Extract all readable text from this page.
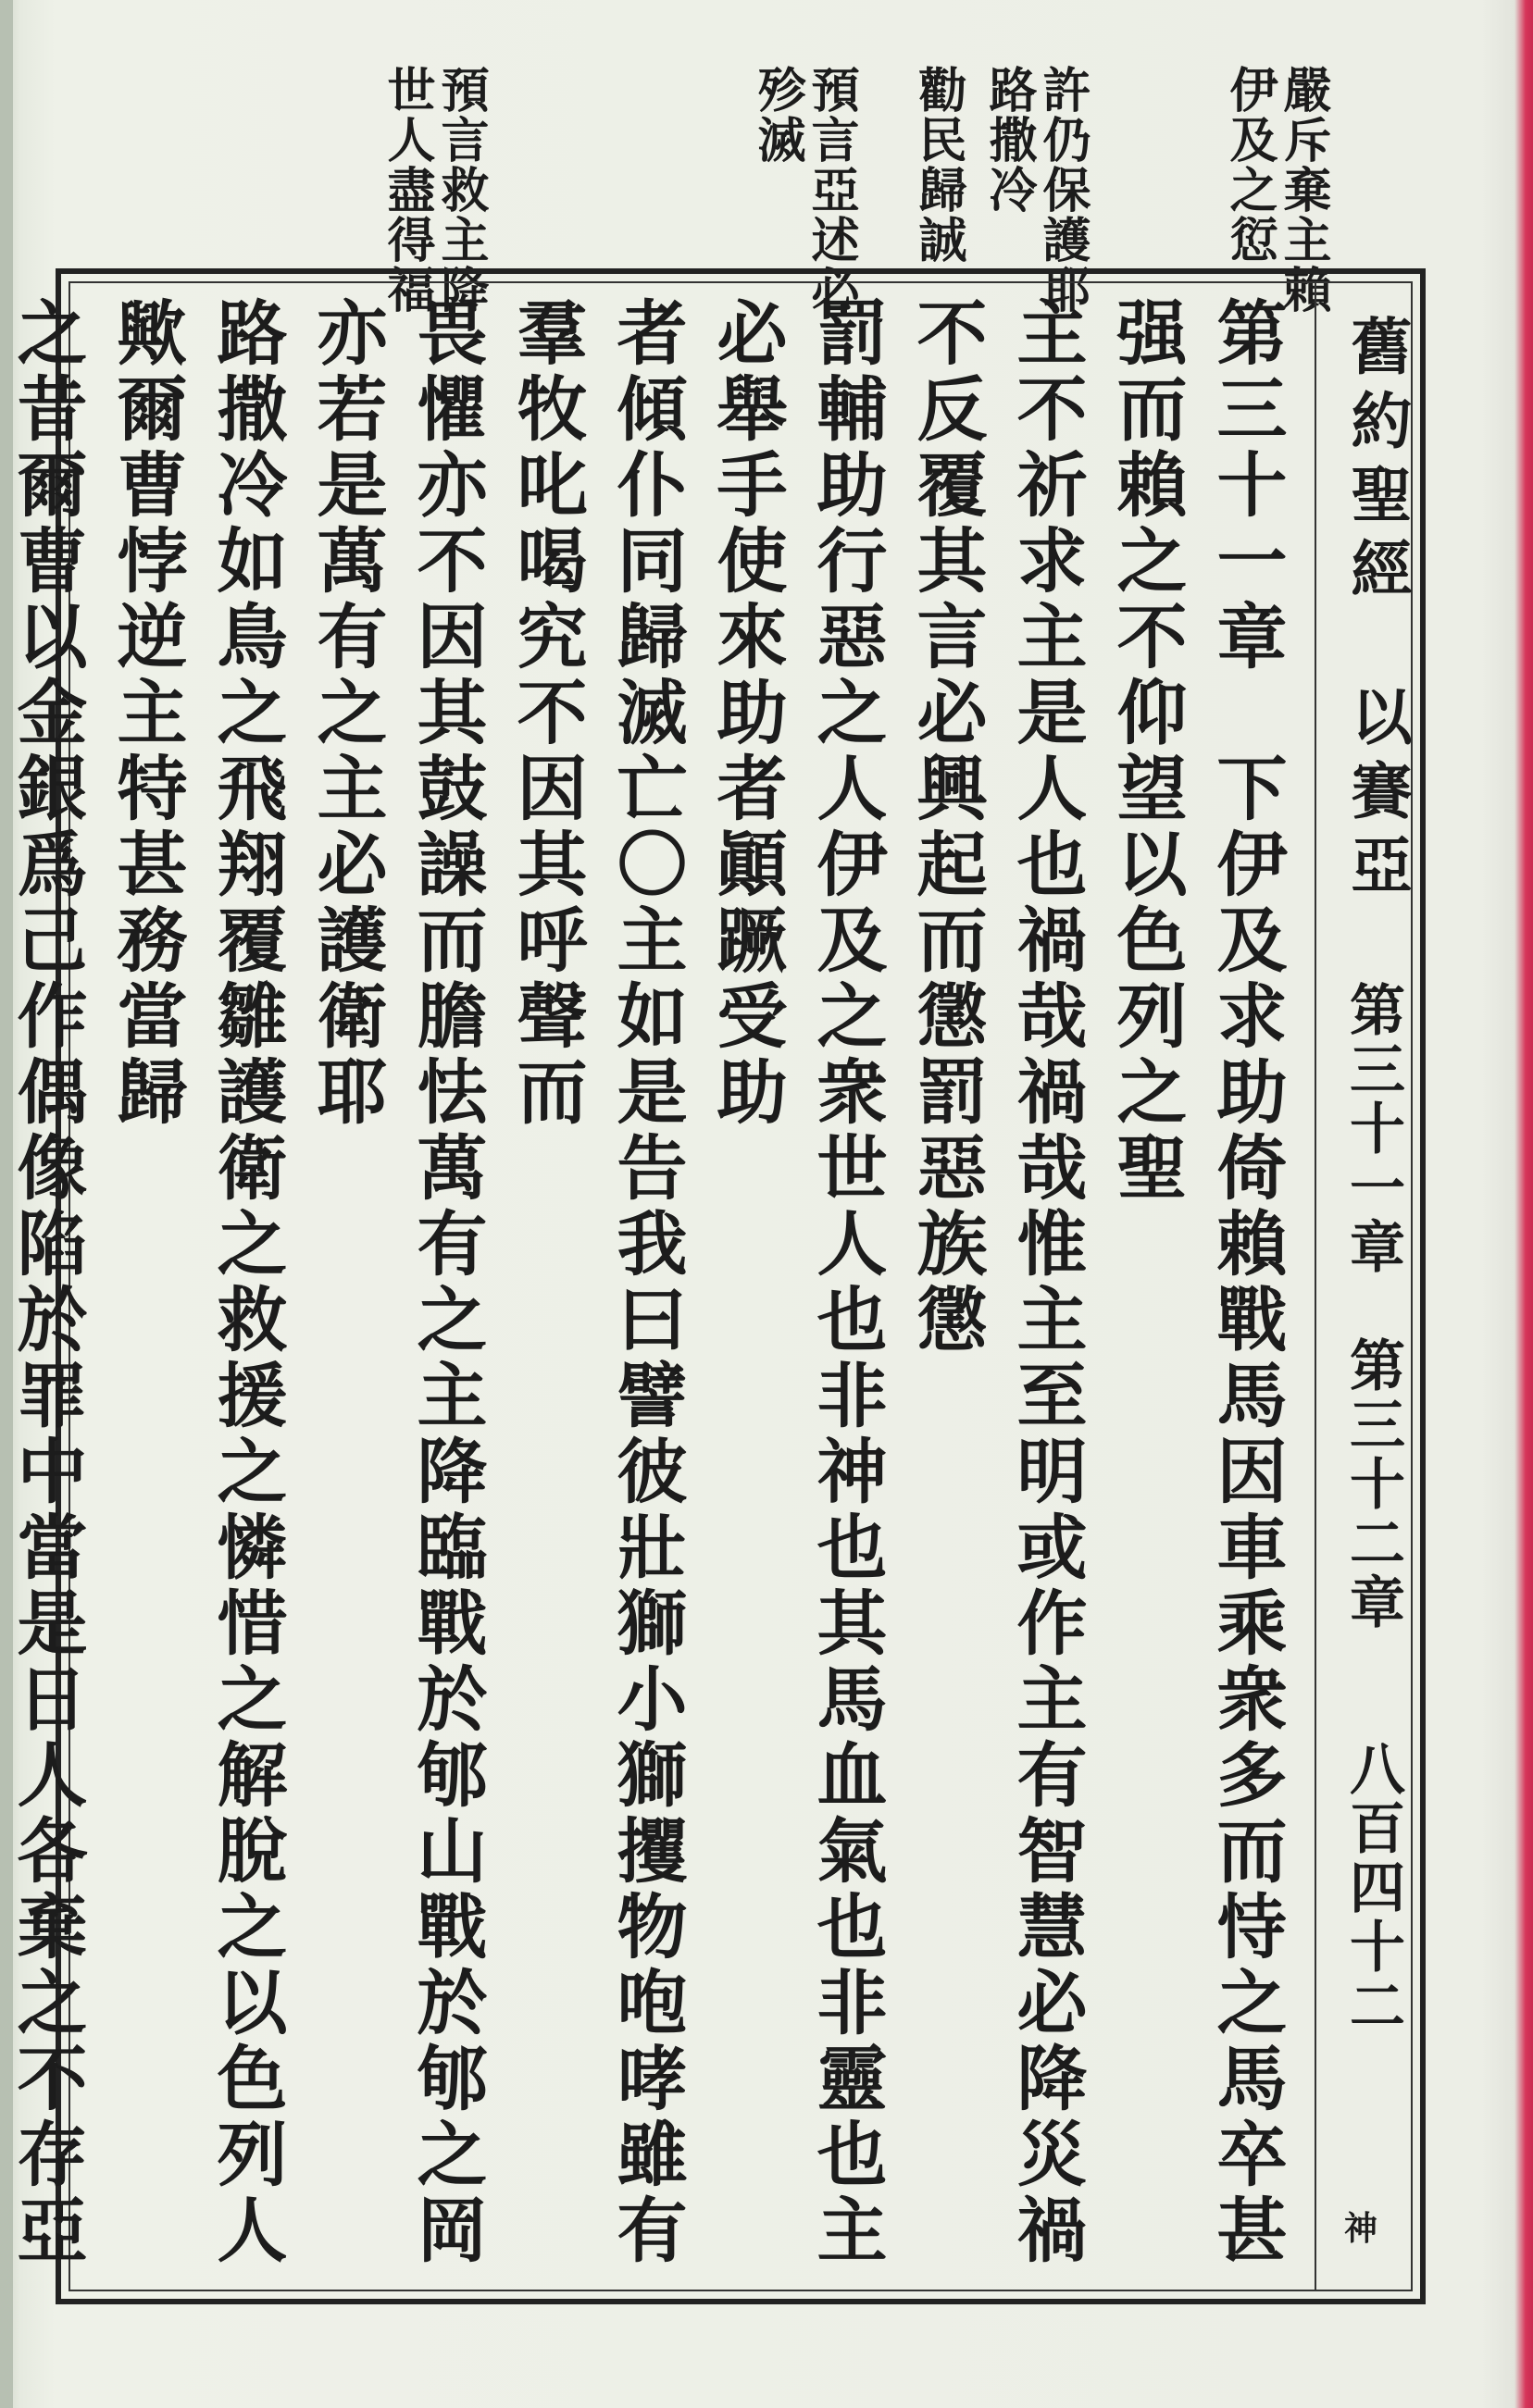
嚴斥棄主賴
伊及之愆
許仍保護耶
路撒冷
勸民歸誠

預言亞述必
殄滅
預言救主降
世人盡得福
舊約聖經　以賽亞
第三十一章　第三十二章
八百四十二
神
第三十一章　下伊及求助倚賴戰馬因車乘衆多而恃之馬卒甚强而賴之不仰望以色列之聖
主不祈求主是人也禍哉禍哉惟主至明或作主有智慧必降災禍不反覆其言必興起而懲罰惡族懲
罰輔助行惡之人伊及之衆世人也非神也其馬血氣也非靈也主必舉手使來助者顚蹶受助
者傾仆同歸滅亡〇主如是告我曰譬彼壯獅小獅攫物咆哮雖有羣牧叱喝究不因其呼聲而
畏懼亦不因其鼓譟而膽怯萬有之主降臨戰於郇山戰於郇之岡亦若是萬有之主必護衛耶
路撒冷如鳥之飛翔覆雛護衛之救援之憐惜之解脫之以色列人歟爾曹悖逆主特甚務當歸
之昔爾曹以金銀爲己作偶像陷於罪中當是日人各棄之不存亞
